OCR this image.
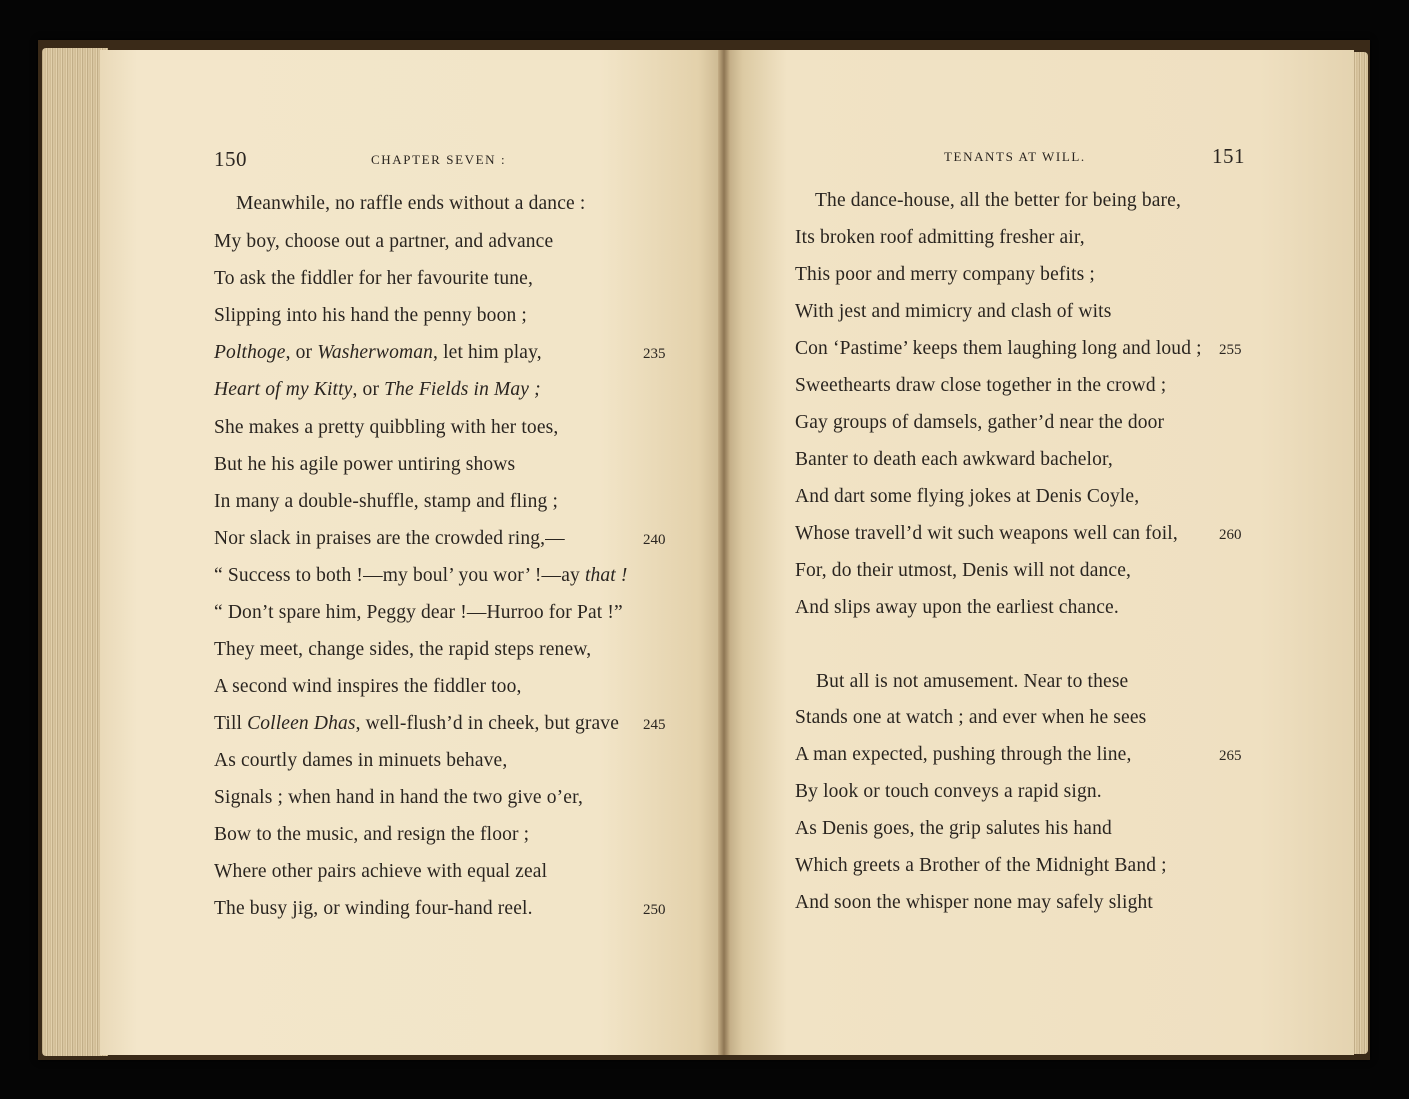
150	CHAPTER SEVEN :	TENANTS AT WILL.	151
Meanwhile, no raffle ends without a dance :
My boy, choose out a partner, and advance
To ask the fiddler for her favourite tune,
Slipping into his hand the penny boon ;
Polthoge, or Washerwoman, let him play,	235
Heart of my Kitty, or The Fields in May ;
She makes a pretty quibbling with her toes,
But he his agile power untiring shows
In many a double-shuffle, stamp and fling ;
Nor slack in praises are the crowded ring,—	240
“ Success to both !—my boul’ you wor’ !—ay that !
“ Don’t spare him, Peggy dear !—Hurroo for Pat !”
They meet, change sides, the rapid steps renew,
A second wind inspires the fiddler too,
Till Colleen Dhas, well-flush’d in cheek, but grave 245
As courtly dames in minuets behave,
Signals ; when hand in hand the two give o’er,
Bow to the music, and resign the floor ;
Where other pairs achieve with equal zeal
The busy jig, or winding four-hand reel.	250
The dance-house, all the better for being bare,
Its broken roof admitting fresher air,
This poor and merry company befits ;
With jest and mimicry and clash of wits
Con ‘Pastime’ keeps them laughing long and loud ; 255
Sweethearts draw close together in the crowd ;
Gay groups of damsels, gather’d near the door
Banter to death each awkward bachelor,
And dart some flying jokes at Denis Coyle,
Whose travell’d wit such weapons well can foil,	260
For, do their utmost, Denis will not dance,
And slips away upon the earliest chance.
But all is not amusement. Near to these
Stands one at watch ; and ever when he sees
A man expected, pushing through the line,	265
By look or touch conveys a rapid sign.
As Denis goes, the grip salutes his hand
Which greets a Brother of the Midnight Band ;
And soon the whisper none may safely slight
